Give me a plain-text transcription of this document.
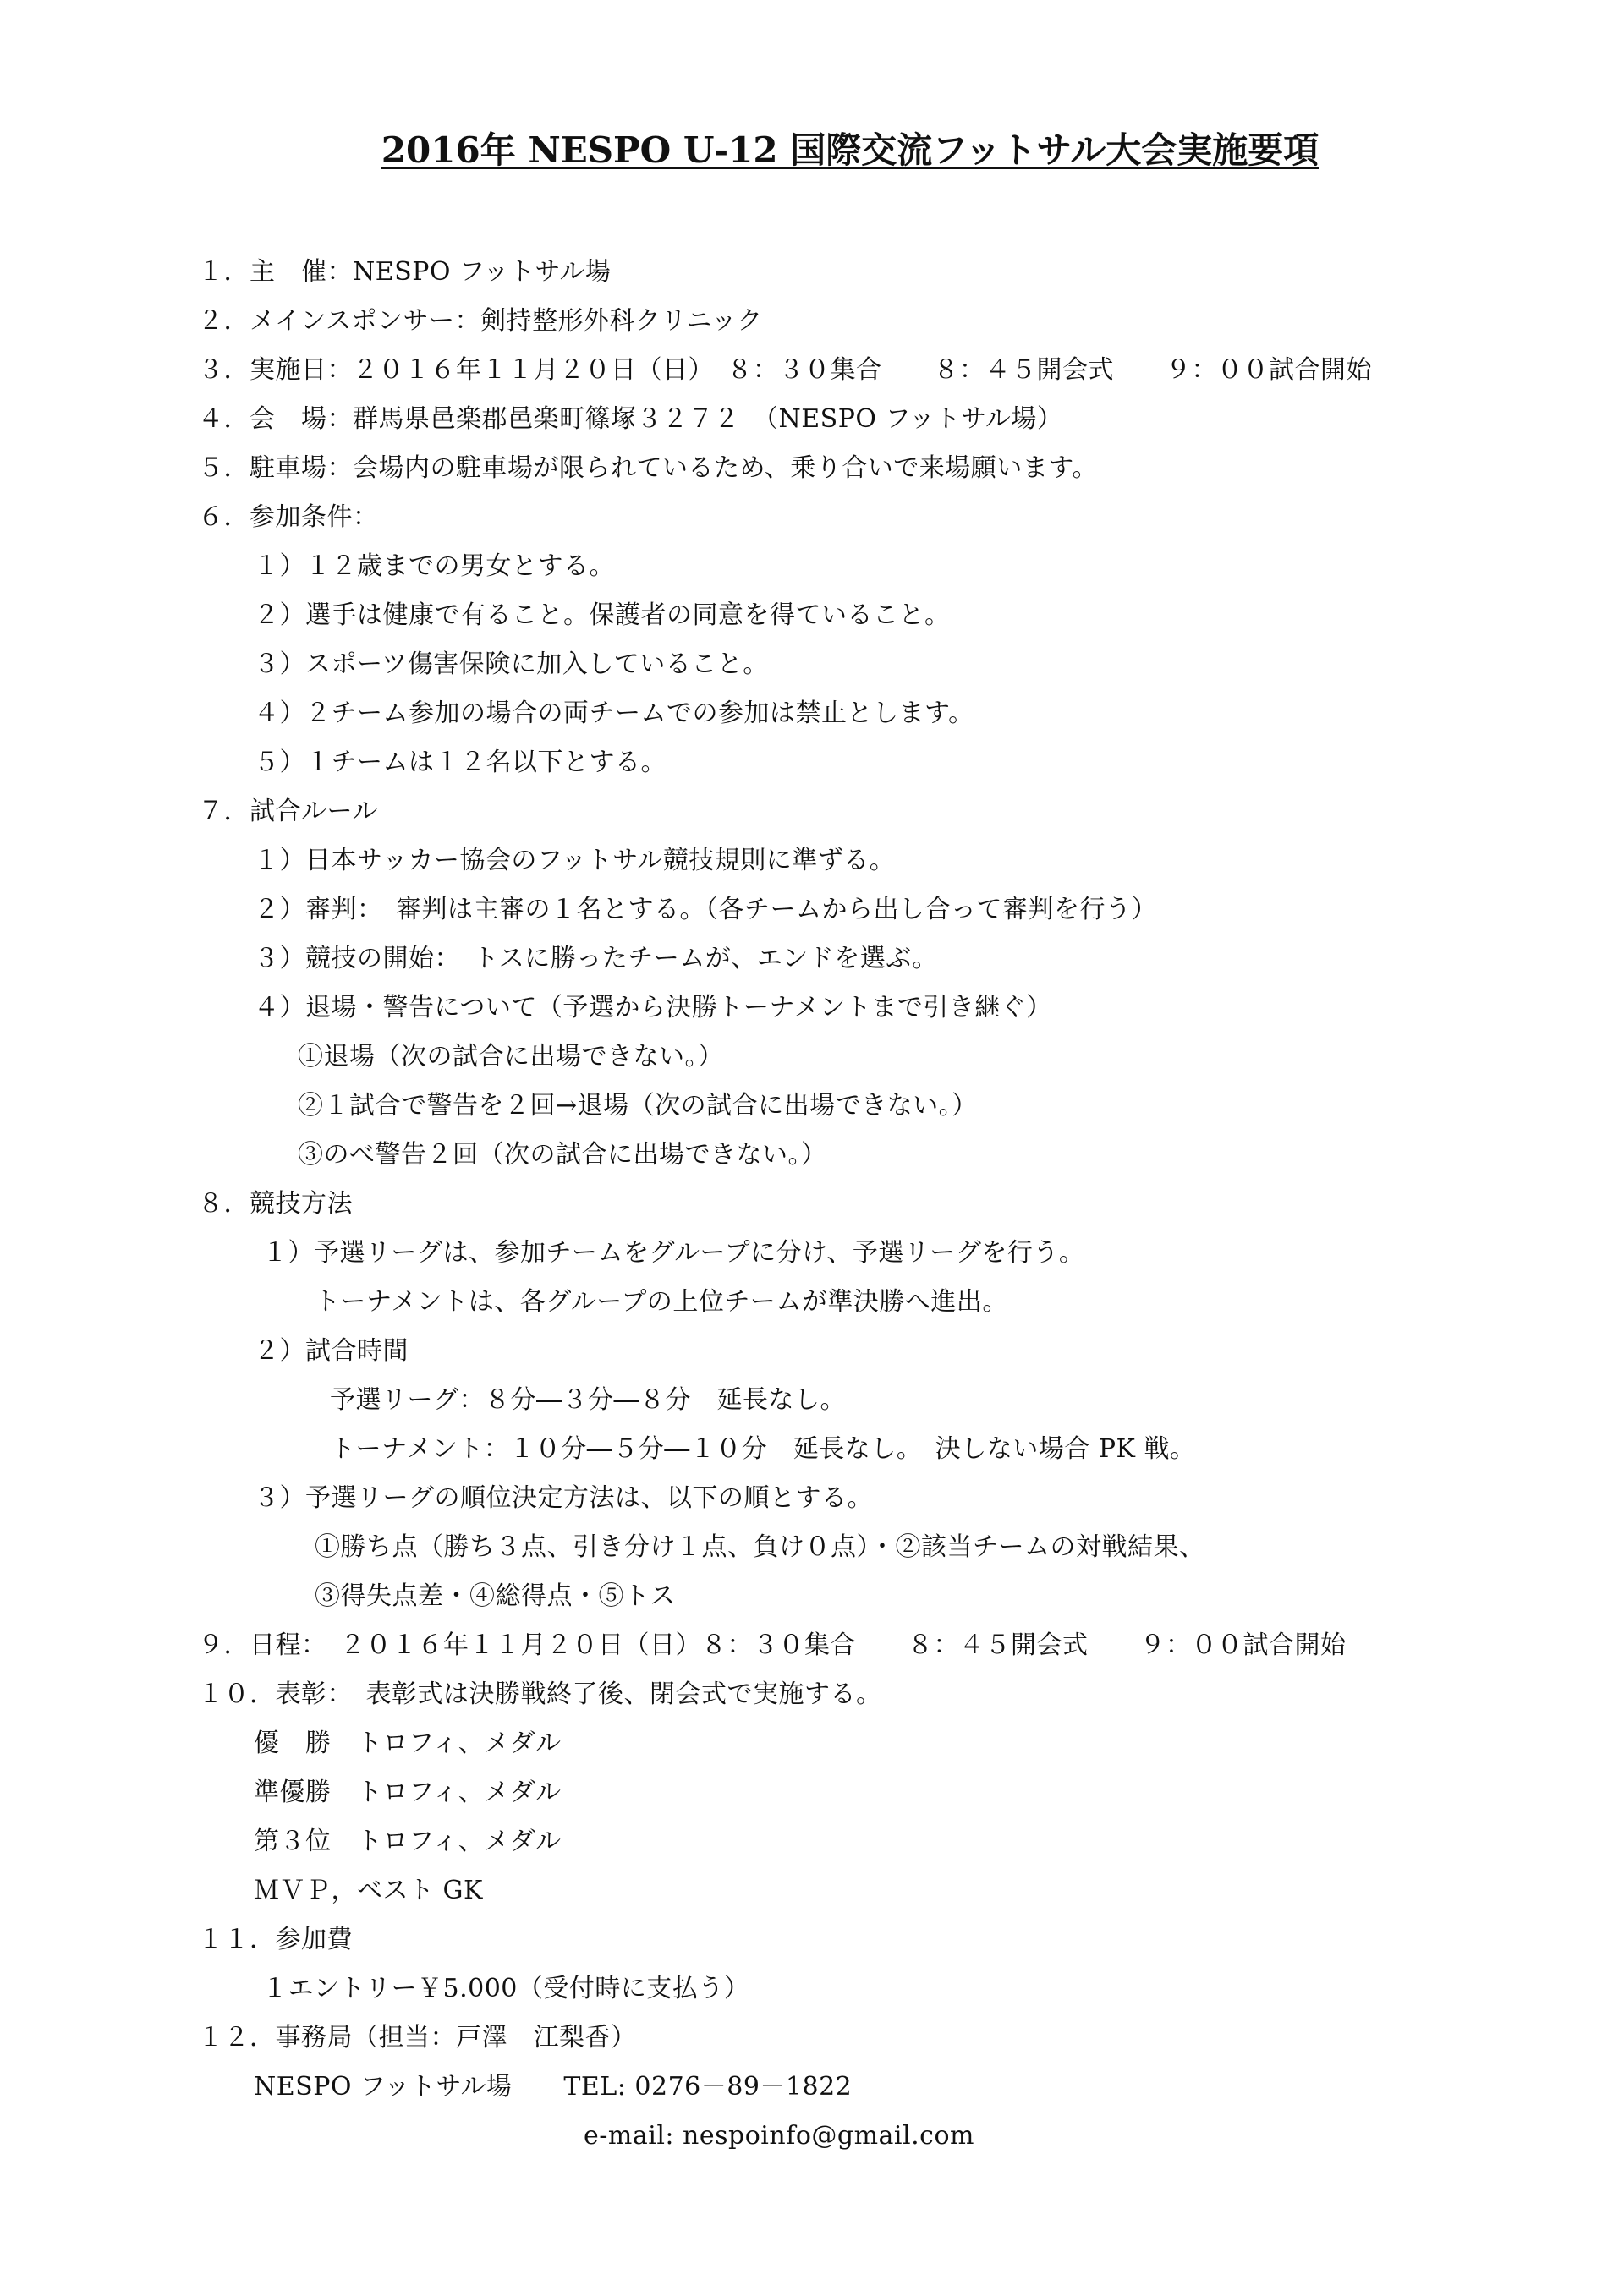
2016年 NESPO U-12 国際交流フットサル大会実施要項
１．主　催：NESPO フットサル場
２．メインスポンサー：剣持整形外科クリニック
３．実施日：２０１６年１１月２０日（日）　８：３０集合　　８：４５開会式　　９：００試合開始
４．会　場：群馬県邑楽郡邑楽町篠塚３２７２　（NESPO フットサル場）
５．駐車場：会場内の駐車場が限られているため、乗り合いで来場願います。
６．参加条件：
１）１２歳までの男女とする。
２）選手は健康で有ること。保護者の同意を得ていること。
３）スポーツ傷害保険に加入していること。
４）２チーム参加の場合の両チームでの参加は禁止とします。
５）１チームは１２名以下とする。
７．試合ルール
１）日本サッカー協会のフットサル競技規則に準ずる。
２）審判：　審判は主審の１名とする。（各チームから出し合って審判を行う）
３）競技の開始：　トスに勝ったチームが、エンドを選ぶ。
４）退場・警告について（予選から決勝トーナメントまで引き継ぐ）
①退場（次の試合に出場できない。）
②１試合で警告を２回→退場（次の試合に出場できない。）
③のべ警告２回（次の試合に出場できない。）
８．競技方法
１）予選リーグは、参加チームをグループに分け、予選リーグを行う。
トーナメントは、各グループの上位チームが準決勝へ進出。
２）試合時間
予選リーグ：８分―３分―８分　延長なし。
トーナメント：１０分―５分―１０分　延長なし。　決しない場合 PK 戦。
３）予選リーグの順位決定方法は、以下の順とする。
①勝ち点（勝ち３点、引き分け１点、負け０点）・②該当チームの対戦結果、
③得失点差・④総得点・⑤トス
９．日程：　２０１６年１１月２０日（日）８：３０集合　　８：４５開会式　　９：００試合開始
１０．表彰：　表彰式は決勝戦終了後、閉会式で実施する。
優　勝　トロフィ、メダル
準優勝　トロフィ、メダル
第３位　トロフィ、メダル
ＭＶＰ，ベスト GK
１１．参加費
１エントリー￥5.000（受付時に支払う）
１２．事務局（担当：戸澤　江梨香）
NESPO フットサル場　　TEL: 0276－89－1822
e-mail: nespoinfo@gmail.com
